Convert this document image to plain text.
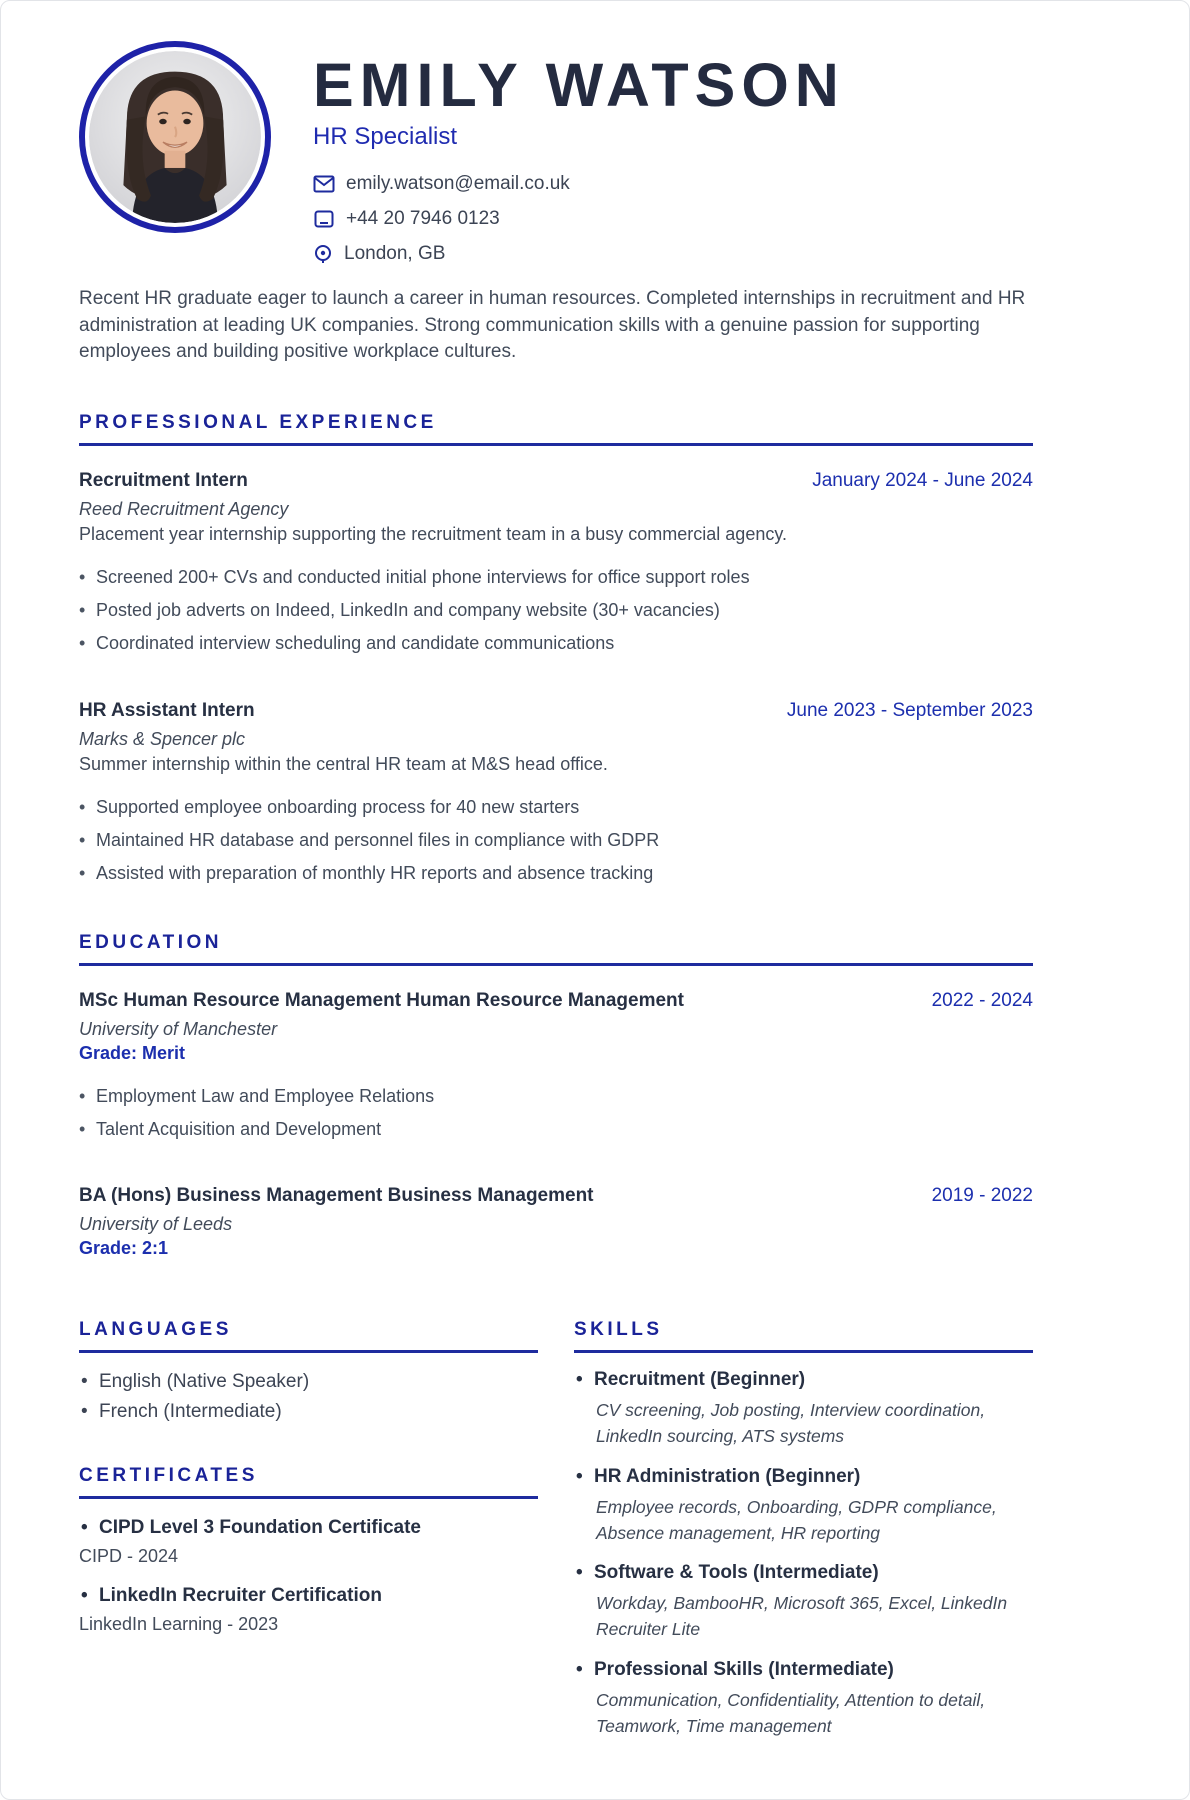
EMILY WATSON
HR Specialist
emily.watson@email.co.uk
+44 20 7946 0123
London, GB

Recent HR graduate eager to launch a career in human resources. Completed internships in recruitment and HR administration at leading UK companies. Strong communication skills with a genuine passion for supporting employees and building positive workplace cultures.

PROFESSIONAL EXPERIENCE
Recruitment Intern	January 2024 - June 2024
Reed Recruitment Agency
Placement year internship supporting the recruitment team in a busy commercial agency.
• Screened 200+ CVs and conducted initial phone interviews for office support roles
• Posted job adverts on Indeed, LinkedIn and company website (30+ vacancies)
• Coordinated interview scheduling and candidate communications
HR Assistant Intern	June 2023 - September 2023
Marks & Spencer plc
Summer internship within the central HR team at M&S head office.
• Supported employee onboarding process for 40 new starters
• Maintained HR database and personnel files in compliance with GDPR
• Assisted with preparation of monthly HR reports and absence tracking
EDUCATION
MSc Human Resource Management Human Resource Management	2022 - 2024
University of Manchester
Grade: Merit
• Employment Law and Employee Relations
• Talent Acquisition and Development
BA (Hons) Business Management Business Management	2019 - 2022
University of Leeds
Grade: 2:1
LANGUAGES
• English (Native Speaker)
• French (Intermediate)
CERTIFICATES
• CIPD Level 3 Foundation Certificate
CIPD - 2024
• LinkedIn Recruiter Certification
LinkedIn Learning - 2023
SKILLS
• Recruitment (Beginner)
CV screening, Job posting, Interview coordination, LinkedIn sourcing, ATS systems
• HR Administration (Beginner)
Employee records, Onboarding, GDPR compliance, Absence management, HR reporting
• Software & Tools (Intermediate)
Workday, BambooHR, Microsoft 365, Excel, LinkedIn Recruiter Lite
• Professional Skills (Intermediate)
Communication, Confidentiality, Attention to detail, Teamwork, Time management
